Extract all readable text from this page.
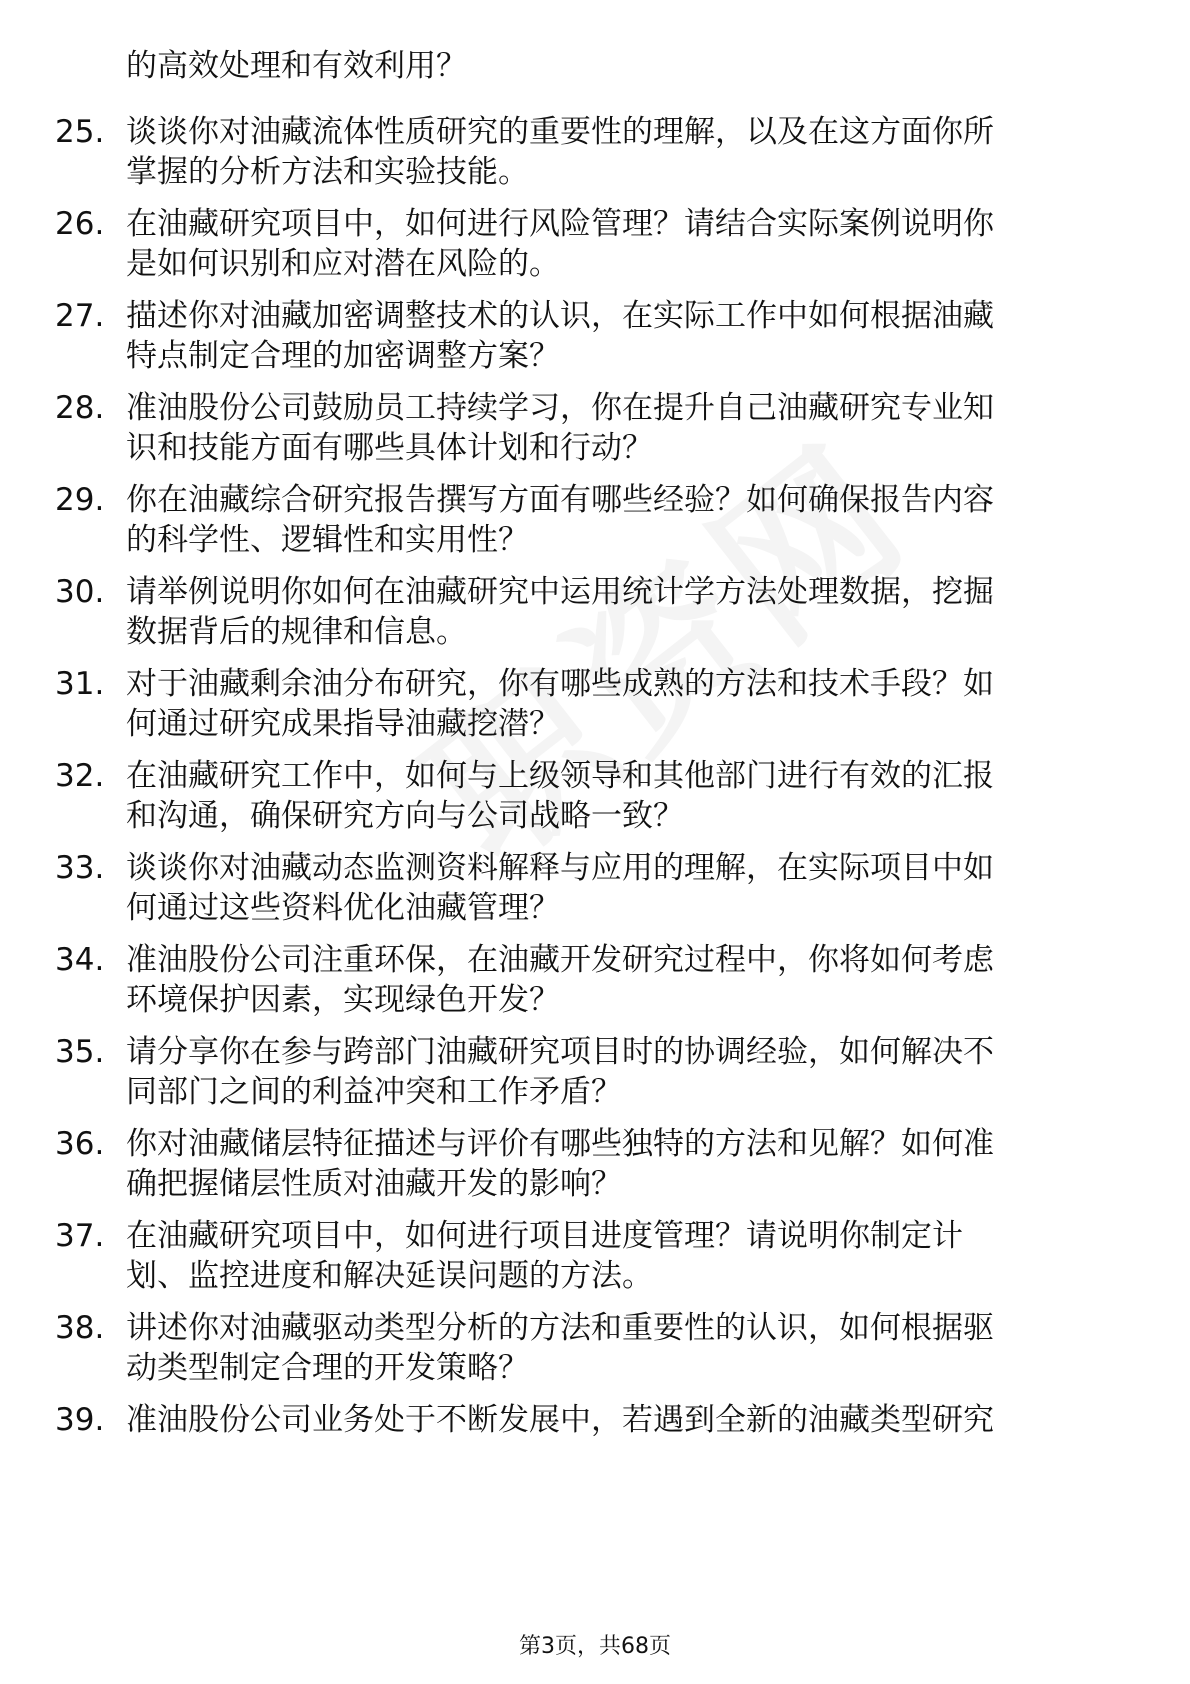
的高效处理和有效利用？
25. 谈谈你对油藏流体性质研究的重要性的理解，以及在这方面你所
掌握的分析方法和实验技能。
26. 在油藏研究项目中，如何进行风险管理？请结合实际案例说明你
是如何识别和应对潜在风险的。
27. 描述你对油藏加密调整技术的认识，在实际工作中如何根据油藏
特点制定合理的加密调整方案？
28. 准油股份公司鼓励员工持续学习，你在提升自己油藏研究专业知
识和技能方面有哪些具体计划和行动？
29. 你在油藏综合研究报告撰写方面有哪些经验？如何确保报告内容
的科学性、逻辑性和实用性？
30. 请举例说明你如何在油藏研究中运用统计学方法处理数据，挖掘
数据背后的规律和信息。
31. 对于油藏剩余油分布研究，你有哪些成熟的方法和技术手段？如
何通过研究成果指导油藏挖潜？
32. 在油藏研究工作中，如何与上级领导和其他部门进行有效的汇报
和沟通，确保研究方向与公司战略一致？
33. 谈谈你对油藏动态监测资料解释与应用的理解，在实际项目中如
何通过这些资料优化油藏管理？
34. 准油股份公司注重环保，在油藏开发研究过程中，你将如何考虑
环境保护因素，实现绿色开发？
35. 请分享你在参与跨部门油藏研究项目时的协调经验，如何解决不
同部门之间的利益冲突和工作矛盾？
36. 你对油藏储层特征描述与评价有哪些独特的方法和见解？如何准
确把握储层性质对油藏开发的影响？
37. 在油藏研究项目中，如何进行项目进度管理？请说明你制定计
划、监控进度和解决延误问题的方法。
38. 讲述你对油藏驱动类型分析的方法和重要性的认识，如何根据驱
动类型制定合理的开发策略？
39. 准油股份公司业务处于不断发展中，若遇到全新的油藏类型研究
第3页，共68页
